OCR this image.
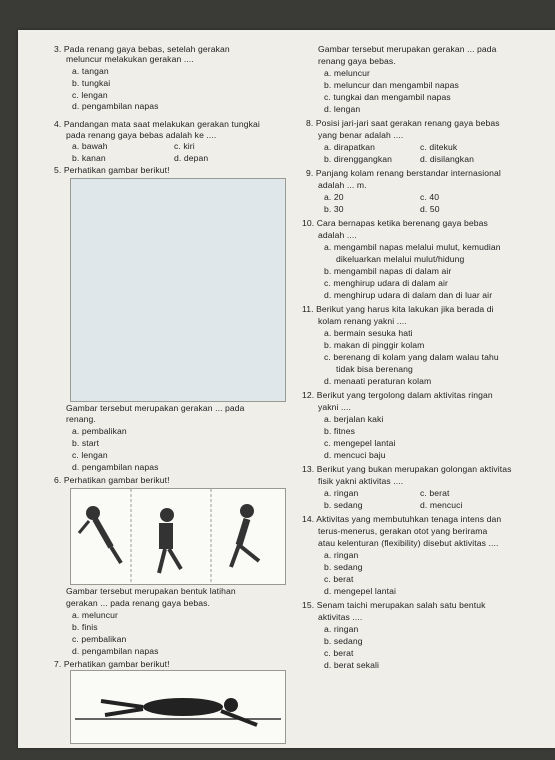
3. Pada renang gaya bebas, setelah gerakan
meluncur melakukan gerakan ....
a. tangan
b. tungkai
c. lengan
d. pengambilan napas
4. Pandangan mata saat melakukan gerakan tungkai
pada renang gaya bebas adalah ke ....
a. bawah	c. kiri
b. kanan	d. depan
5. Perhatikan gambar berikut!
Gambar tersebut merupakan gerakan ... pada
renang.
a. pembalikan
b. start
c. lengan
d. pengambilan napas
6. Perhatikan gambar berikut!
Gambar tersebut merupakan bentuk latihan
gerakan ... pada renang gaya bebas.
a. meluncur
b. finis
c. pembalikan
d. pengambilan napas
7. Perhatikan gambar berikut!
Gambar tersebut merupakan gerakan ... pada
renang gaya bebas.
a. meluncur
b. meluncur dan mengambil napas
c. tungkai dan mengambil napas
d. lengan
8. Posisi jari-jari saat gerakan renang gaya bebas
yang benar adalah ....
a. dirapatkan	c. ditekuk
b. direnggangkan	d. disilangkan
9. Panjang kolam renang berstandar internasional
adalah ... m.
a. 20	c. 40
b. 30	d. 50
10. Cara bernapas ketika berenang gaya bebas
adalah ....
a. mengambil napas melalui mulut, kemudian
dikeluarkan melalui mulut/hidung
b. mengambil napas di dalam air
c. menghirup udara di dalam air
d. menghirup udara di dalam dan di luar air
11. Berikut yang harus kita lakukan jika berada di
kolam renang yakni ....
a. bermain sesuka hati
b. makan di pinggir kolam
c. berenang di kolam yang dalam walau tahu
tidak bisa berenang
d. menaati peraturan kolam
12. Berikut yang tergolong dalam aktivitas ringan
yakni ....
a. berjalan kaki
b. fitnes
c. mengepel lantai
d. mencuci baju
13. Berikut yang bukan merupakan golongan aktivitas
fisik yakni aktivitas ....
a. ringan	c. berat
b. sedang	d. mencuci
14. Aktivitas yang membutuhkan tenaga intens dan
terus-menerus, gerakan otot yang berirama
atau kelenturan (flexibility) disebut aktivitas ....
a. ringan
b. sedang
c. berat
d. mengepel lantai
15. Senam taichi merupakan salah satu bentuk
aktivitas ....
a. ringan
b. sedang
c. berat
d. berat sekali
